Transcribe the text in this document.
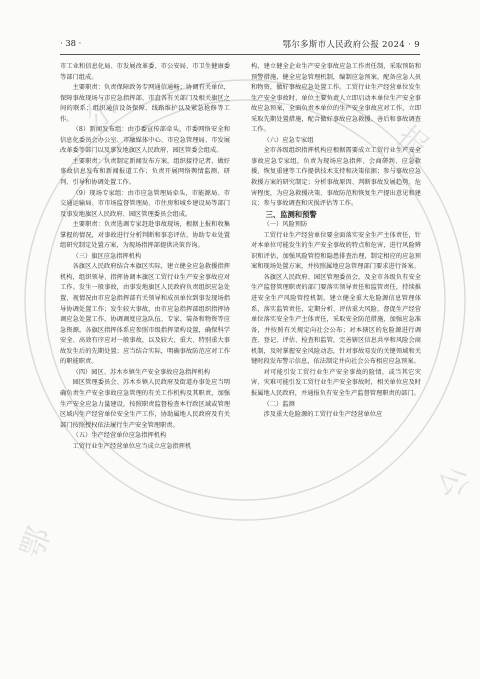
鄂
尔
报
公
· 38 ·	鄂尔多斯市人民政府公报 2024 · 9

市工业和信息化局、市发展改革委、市公安局、市卫生健康委等部门组成。

主要职责：负责保障政务专网通信通畅；协调有关单位，保障事故现场与市应急指挥部、市直各有关部门及相关旗区之间的联系；组织通信设备保障、线路维护以及紧急抢修等工作。

（8）新闻发布组：由市委宣传部牵头，市委网络安全和信息化委员会办公室、市融媒体中心、市应急管理局、市发展改革委等部门以及事发地旗区人民政府、园区管委会组成。

主要职责：负责制定新闻发布方案，组织接待记者，做好事故信息发布和新闻报道工作；负责开展网络舆情监测、研判、引导和协调处置工作。

（9）现场专家组：由市应急管理局牵头，市能源局、市交通运输局、市市场监督管理局、市住房和城乡建设局等部门及事发地旗区人民政府、园区管理委员会组成。

主要职责：负责选调专家赶赴事故现场，根据上报和收集掌握的情况，对事故进行分析判断和事态评估，协助专业处置组研究制定处置方案，为现场指挥部提供决策咨询。

（三）旗区应急指挥机构

各旗区人民政府结合本旗区实际，建立健全应急救援指挥机构，组织领导、指挥协调本旗区工贸行业生产安全事故应对工作。发生一般事故，由事发地旗区人民政府负责组织应急处置，视情况由市应急指挥部有关领导和成员单位到事发现场指导协调处置工作；发生较大事故，由市应急指挥部组织指挥协调应急处置工作，协调调度应急队伍、专家、装备和物资等应急资源。各旗区指挥体系应参照市级指挥架构设置，确保科学安全、高效有序应对一般事故，以及较大、重大、特别重大事故发生后的先期处置；应当结合实际，明确事故防范应对工作的职能职责。

（四）园区、苏木乡镇生产安全事故应急指挥机构

园区管理委员会、苏木乡镇人民政府及街道办事处应当明确负责生产安全事故应急管理的有关工作机构及其职责，加强生产安全应急力量建设，按照职责监督检查本行政区域或管理区域内生产经营单位安全生产工作，协助属地人民政府及有关部门按照授权依法履行生产安全管理职责。

（五）生产经营单位应急指挥机构

工贸行业生产经营单位应当成立应急指挥机

构，建立健全企业生产安全事故应急工作责任制，采取预防和预警措施，健全应急管理机制，编制应急预案，配备应急人员和物资，做好事故应急处置工作。工贸行业生产经营单位发生生产安全事故时，单位主要负责人立即启动本单位生产安全事故应急预案，全面负责本单位的生产安全事故应对工作，立即采取先期处置措施，配合做好事故应急救援、善后和事故调查工作。

（六）应急专家组

全市各级组织指挥机构应根据需要成立工贸行业生产安全事故应急专家组，负责为现场应急指挥、会商研判、应急救援、恢复重建等工作提供技术支持和决策依据；参与事故应急救援方案的研究制定；分析事故原因、判断事故发展趋势、危害程度，为应急救援决策、事故防范和恢复生产提出意见和建议；参与事故调查和灾损评估等工作。

三、监测和预警
（一）风险预防

工贸行业生产经营单位要全面落实安全生产主体责任，针对本单位可能发生的生产安全事故的特点和危害，进行风险辨识和评估，加强风险管控和隐患排查治理，制定相应的应急预案和现场处置方案，并按照属地应急管理部门要求进行备案。

各旗区人民政府、园区管理委员会，及全市各级负有安全生产监督管理职责的部门要落实领导责任和监管责任，持续推进安全生产风险管控机制，建立健全重大危险源信息管理体系，落实监管责任，定期分析、评估重大风险，督促生产经营单位落实安全生产主体责任，采取安全防范措施，加强应急准备，并按照有关规定向社会公布；对本辖区的危险源进行调查、登记、评估、检查和监管，完善辖区信息共享和风险会商机制，及时掌握安全风险动态，针对事故易发的关键领域和关键时段发布警示信息，依法制定并向社会公布相应应急预案。

对可能引发工贸行业生产安全事故的险情，或当其它灾害、灾难可能引发工贸行业生产安全事故时，相关单位应及时报属地人民政府，并通报负有安全生产监督管理职责的部门。

（二）监测

涉及重大危险源的工贸行业生产经营单位应
